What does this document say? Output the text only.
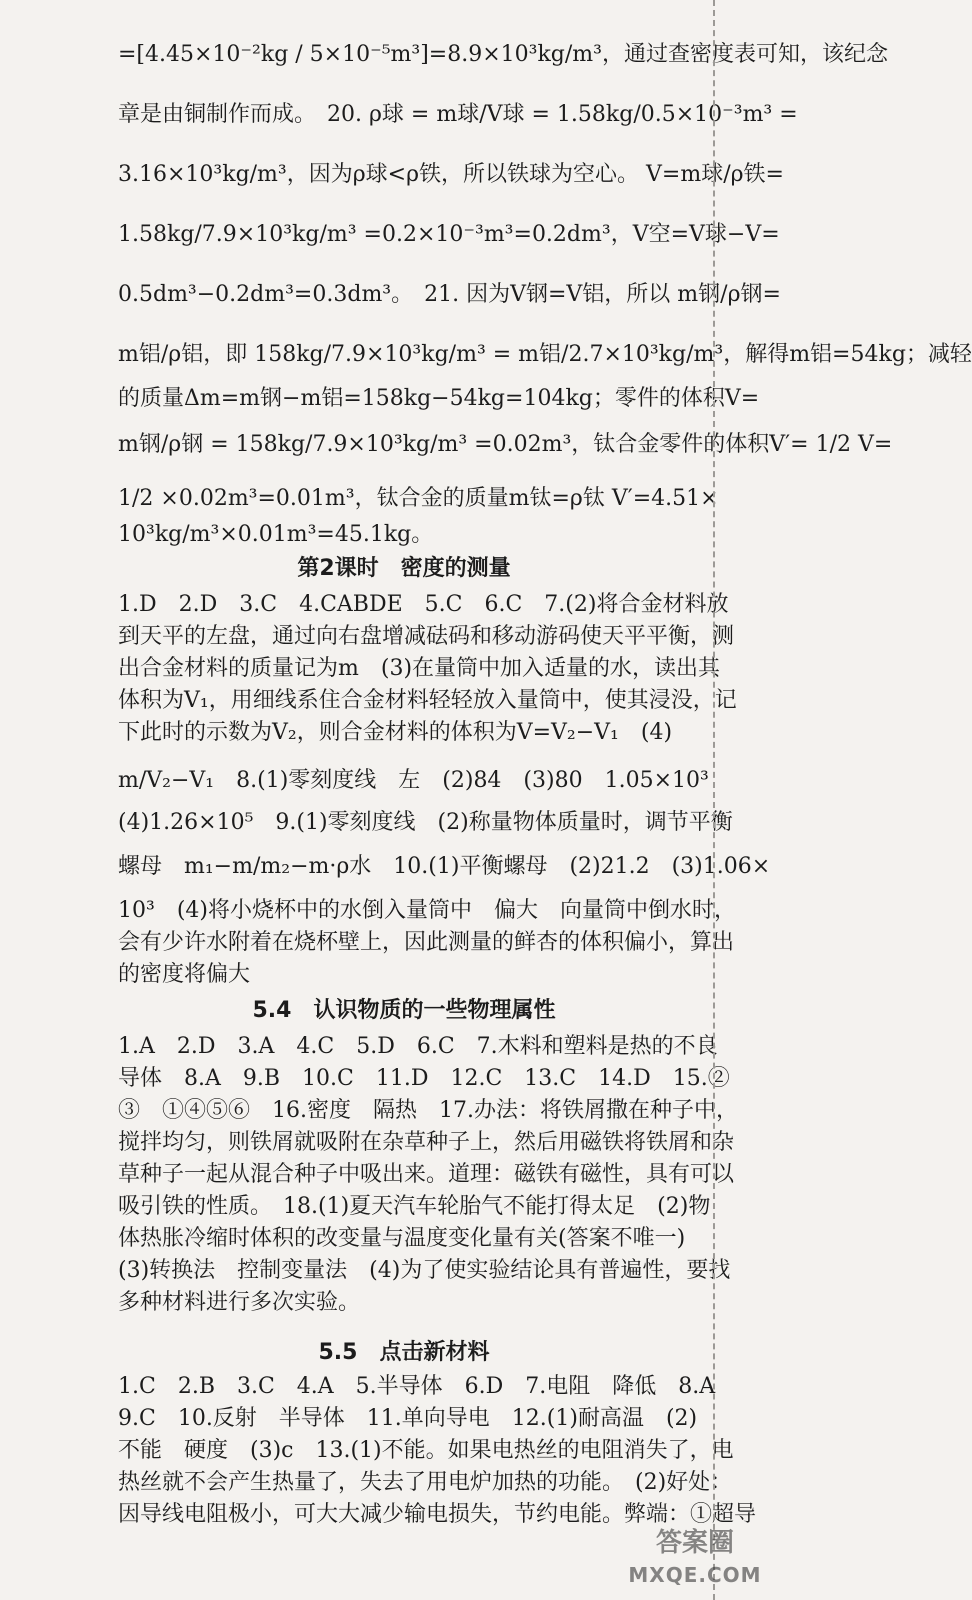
=[4.45×10⁻²kg / 5×10⁻⁵m³]=8.9×10³kg/m³，通过查密度表可知，该纪念
章是由铜制作而成。　20. ρ球 = m球/V球 = 1.58kg/0.5×10⁻³m³ =
3.16×10³kg/m³，因为ρ球<ρ铁，所以铁球为空心。 V=m球/ρ铁=
1.58kg/7.9×10³kg/m³ =0.2×10⁻³m³=0.2dm³，V空=V球−V=
0.5dm³−0.2dm³=0.3dm³。　21. 因为V钢=V铝，所以 m钢/ρ钢=
m铝/ρ铝，即 158kg/7.9×10³kg/m³ = m铝/2.7×10³kg/m³，解得m铝=54kg；减轻
的质量Δm=m钢−m铝=158kg−54kg=104kg；零件的体积V=
m钢/ρ钢 = 158kg/7.9×10³kg/m³ =0.02m³，钛合金零件的体积V′= 1/2 V=
1/2 ×0.02m³=0.01m³，钛合金的质量m钛=ρ钛 V′=4.51×
10³kg/m³×0.01m³=45.1kg。
第2课时　密度的测量
1.D　2.D　3.C　4.CABDE　5.C　6.C　7.(2)将合金材料放
到天平的左盘，通过向右盘增减砝码和移动游码使天平平衡，测
出合金材料的质量记为m　(3)在量筒中加入适量的水，读出其
体积为V₁，用细线系住合金材料轻轻放入量筒中，使其浸没，记
下此时的示数为V₂，则合金材料的体积为V=V₂−V₁　(4)
m/V₂−V₁　8.(1)零刻度线　左　(2)84　(3)80　1.05×10³
(4)1.26×10⁵　9.(1)零刻度线　(2)称量物体质量时，调节平衡
螺母　m₁−m/m₂−m·ρ水　10.(1)平衡螺母　(2)21.2　(3)1.06×
10³　(4)将小烧杯中的水倒入量筒中　偏大　向量筒中倒水时，
会有少许水附着在烧杯壁上，因此测量的鲜杏的体积偏小，算出
的密度将偏大
5.4　认识物质的一些物理属性
1.A　2.D　3.A　4.C　5.D　6.C　7.木料和塑料是热的不良
导体　8.A　9.B　10.C　11.D　12.C　13.C　14.D　15.②
③　①④⑤⑥　16.密度　隔热　17.办法：将铁屑撒在种子中，
搅拌均匀，则铁屑就吸附在杂草种子上，然后用磁铁将铁屑和杂
草种子一起从混合种子中吸出来。道理：磁铁有磁性，具有可以
吸引铁的性质。　18.(1)夏天汽车轮胎气不能打得太足　(2)物
体热胀冷缩时体积的改变量与温度变化量有关(答案不唯一)
(3)转换法　控制变量法　(4)为了使实验结论具有普遍性，要找
多种材料进行多次实验。
5.5　点击新材料
1.C　2.B　3.C　4.A　5.半导体　6.D　7.电阻　降低　8.A
9.C　10.反射　半导体　11.单向导电　12.(1)耐高温　(2)
不能　硬度　(3)c　13.(1)不能。如果电热丝的电阻消失了，电
热丝就不会产生热量了，失去了用电炉加热的功能。　(2)好处：
因导线电阻极小，可大大减少输电损失，节约电能。弊端：①超导
答案圈
MXQE.COM
